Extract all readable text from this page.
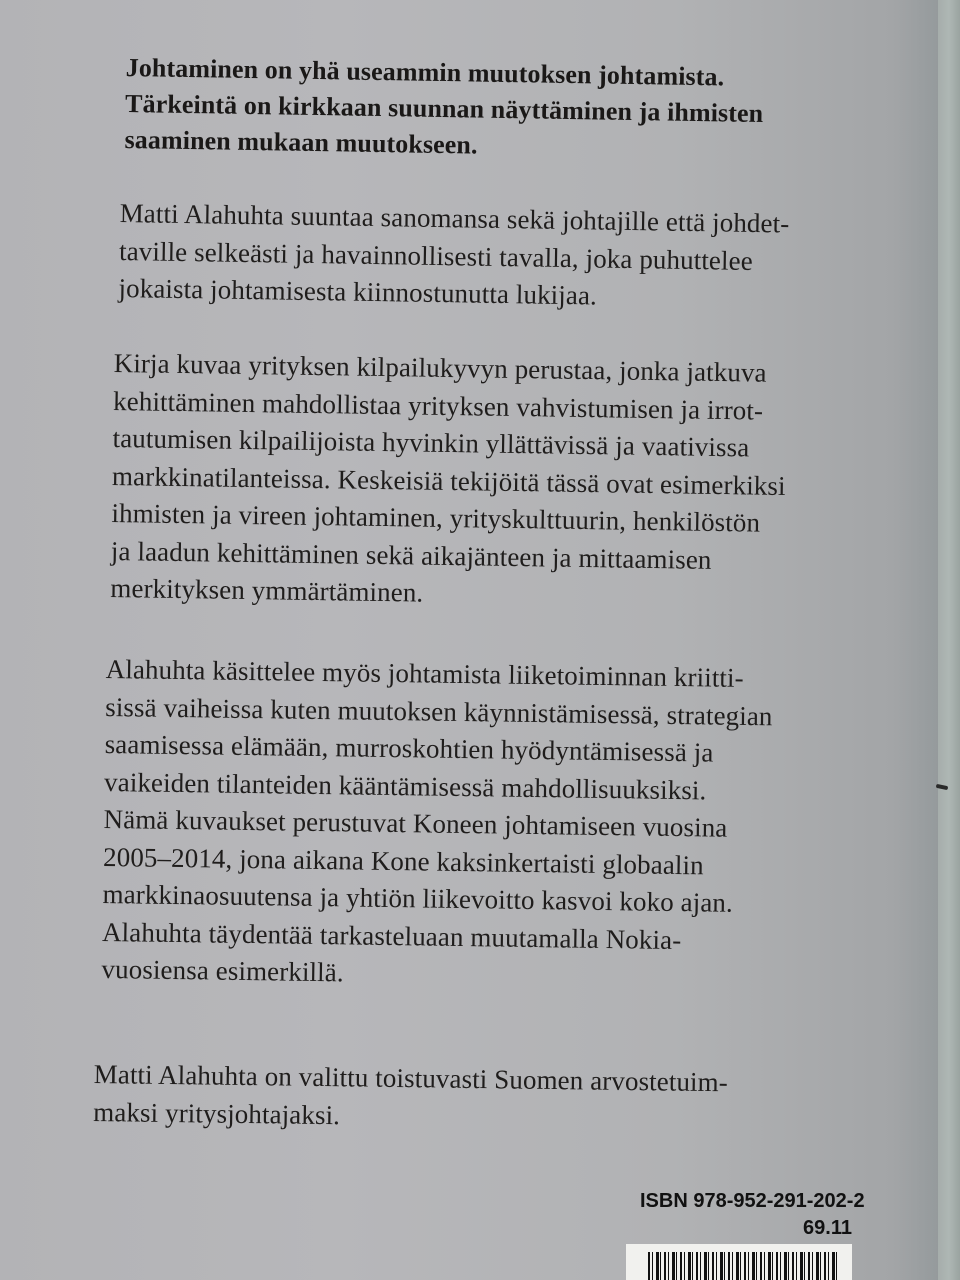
Johtaminen on yhä useammin muutoksen johtamista.
Tärkeintä on kirkkaan suunnan näyttäminen ja ihmisten
saaminen mukaan muutokseen.
Matti Alahuhta suuntaa sanomansa sekä johtajille että johdet-
taville selkeästi ja havainnollisesti tavalla, joka puhuttelee
jokaista johtamisesta kiinnostunutta lukijaa.
Kirja kuvaa yrityksen kilpailukyvyn perustaa, jonka jatkuva
kehittäminen mahdollistaa yrityksen vahvistumisen ja irrot-
tautumisen kilpailijoista hyvinkin yllättävissä ja vaativissa
markkinatilanteissa. Keskeisiä tekijöitä tässä ovat esimerkiksi
ihmisten ja vireen johtaminen, yrityskulttuurin, henkilöstön
ja laadun kehittäminen sekä aikajänteen ja mittaamisen
merkityksen ymmärtäminen.
Alahuhta käsittelee myös johtamista liiketoiminnan kriitti-
sissä vaiheissa kuten muutoksen käynnistämisessä, strategian
saamisessa elämään, murroskohtien hyödyntämisessä ja
vaikeiden tilanteiden kääntämisessä mahdollisuuksiksi.
Nämä kuvaukset perustuvat Koneen johtamiseen vuosina
2005–2014, jona aikana Kone kaksinkertaisti globaalin
markkinaosuutensa ja yhtiön liikevoitto kasvoi koko ajan.
Alahuhta täydentää tarkasteluaan muutamalla Nokia-
vuosiensa esimerkillä.
Matti Alahuhta on valittu toistuvasti Suomen arvostetuim-
maksi yritysjohtajaksi.
ISBN 978-952-291-202-2
69.11
